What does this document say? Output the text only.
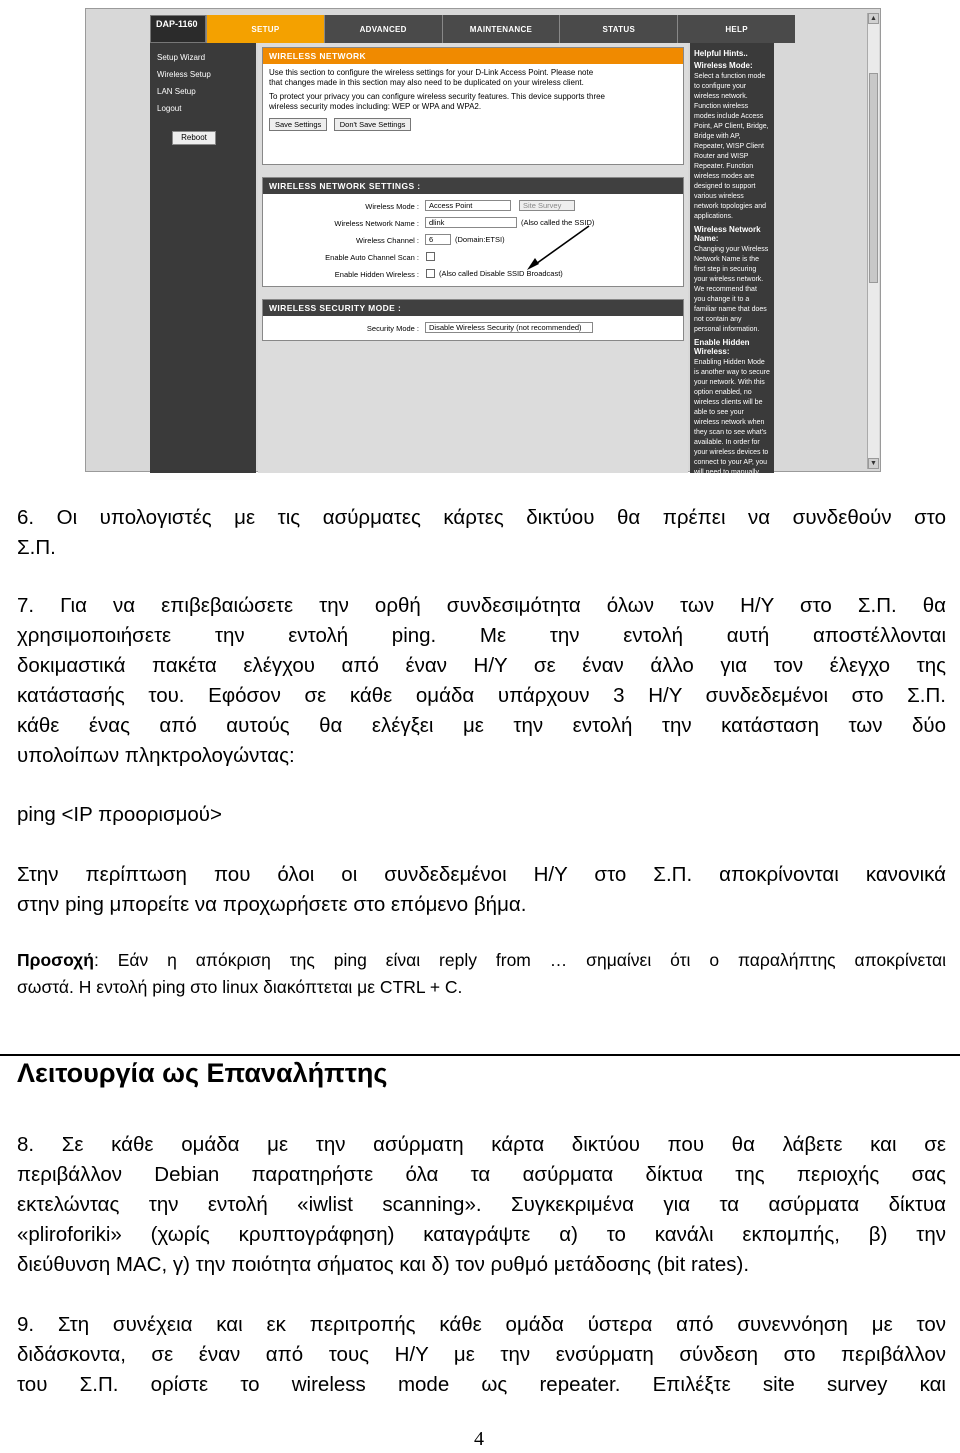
DAP-1160	SETUP	ADVANCED	MAINTENANCE	STATUS	HELP
Setup Wizard
Wireless Setup
LAN Setup
Logout
Reboot
WIRELESS NETWORK
Use this section to configure the wireless settings for your D-Link Access Point. Please note
that changes made in this section may also need to be duplicated on your wireless client.
To protect your privacy you can configure wireless security features. This device supports three
wireless security modes including: WEP or WPA and WPA2.
Save Settings Don't Save Settings
WIRELESS NETWORK SETTINGS :
Wireless Mode :	Access Point	Site Survey
Wireless Network Name :	dlink	(Also called the SSID)
Wireless Channel :	6	(Domain:ETSI)
Enable Auto Channel Scan :
Enable Hidden Wireless :	(Also called Disable SSID Broadcast)
WIRELESS SECURITY MODE :
Security Mode :	Disable Wireless Security (not recommended)
Helpful Hints..
Wireless Mode:
Select a function mode to configure your wireless network. Function wireless modes include Access Point, AP Client, Bridge, Bridge with AP, Repeater, WISP Client Router and WISP Repeater. Function wireless modes are designed to support various wireless network topologies and applications.
Wireless Network Name:
Changing your Wireless Network Name is the first step in securing your wireless network. We recommend that you change it to a familiar name that does not contain any personal information.
Enable Hidden Wireless:
Enabling Hidden Mode is another way to secure your network. With this option enabled, no wireless clients will be able to see your wireless network when they scan to see what's available. In order for your wireless devices to connect to your AP, you will need to manually enter the Wireless Network Name on each device.
▲
▼
6. Οι υπολογιστές με τις ασύρματες κάρτες δικτύου θα πρέπει να συνδεθούν στο
Σ.Π.
7. Για να επιβεβαιώσετε την ορθή συνδεσιμότητα όλων των Η/Υ στο Σ.Π. θα
χρησιμοποιήσετε την εντολή ping. Με την εντολή αυτή αποστέλλονται
δοκιμαστικά πακέτα ελέγχου από έναν Η/Υ σε έναν άλλο για τον έλεγχο της
κατάστασής του. Εφόσον σε κάθε ομάδα υπάρχουν 3 Η/Υ συνδεδεμένοι στο Σ.Π.
κάθε ένας από αυτούς θα ελέγξει με την εντολή την κατάσταση των δύο
υπολοίπων πληκτρολογώντας:
ping <IP προορισμού>
Στην περίπτωση που όλοι οι συνδεδεμένοι Η/Υ στο Σ.Π. αποκρίνονται κανονικά
στην ping μπορείτε να προχωρήσετε στο επόμενο βήμα.
Προσοχή: Εάν η απόκριση της ping είναι reply from … σημαίνει ότι ο παραλήπτης αποκρίνεται
σωστά. Η εντολή ping στο linux διακόπτεται με CTRL + C.
Λειτουργία ως Επαναλήπτης
8. Σε κάθε ομάδα με την ασύρματη κάρτα δικτύου που θα λάβετε και σε
περιβάλλον Debian παρατηρήστε όλα τα ασύρματα δίκτυα της περιοχής σας
εκτελώντας την εντολή «iwlist scanning». Συγκεκριμένα για τα ασύρματα δίκτυα
«pliroforiki» (χωρίς κρυπτογράφηση) καταγράψτε α) το κανάλι εκπομπής, β) την
διεύθυνση MAC, γ) την ποιότητα σήματος και δ) τον ρυθμό μετάδοσης (bit rates).
9. Στη συνέχεια και εκ περιτροπής κάθε ομάδα ύστερα από συνεννόηση με τον
διδάσκοντα, σε έναν από τους Η/Υ με την ενσύρματη σύνδεση στο περιβάλλον
του Σ.Π. ορίστε το wireless mode ως repeater. Επιλέξτε site survey και
4
